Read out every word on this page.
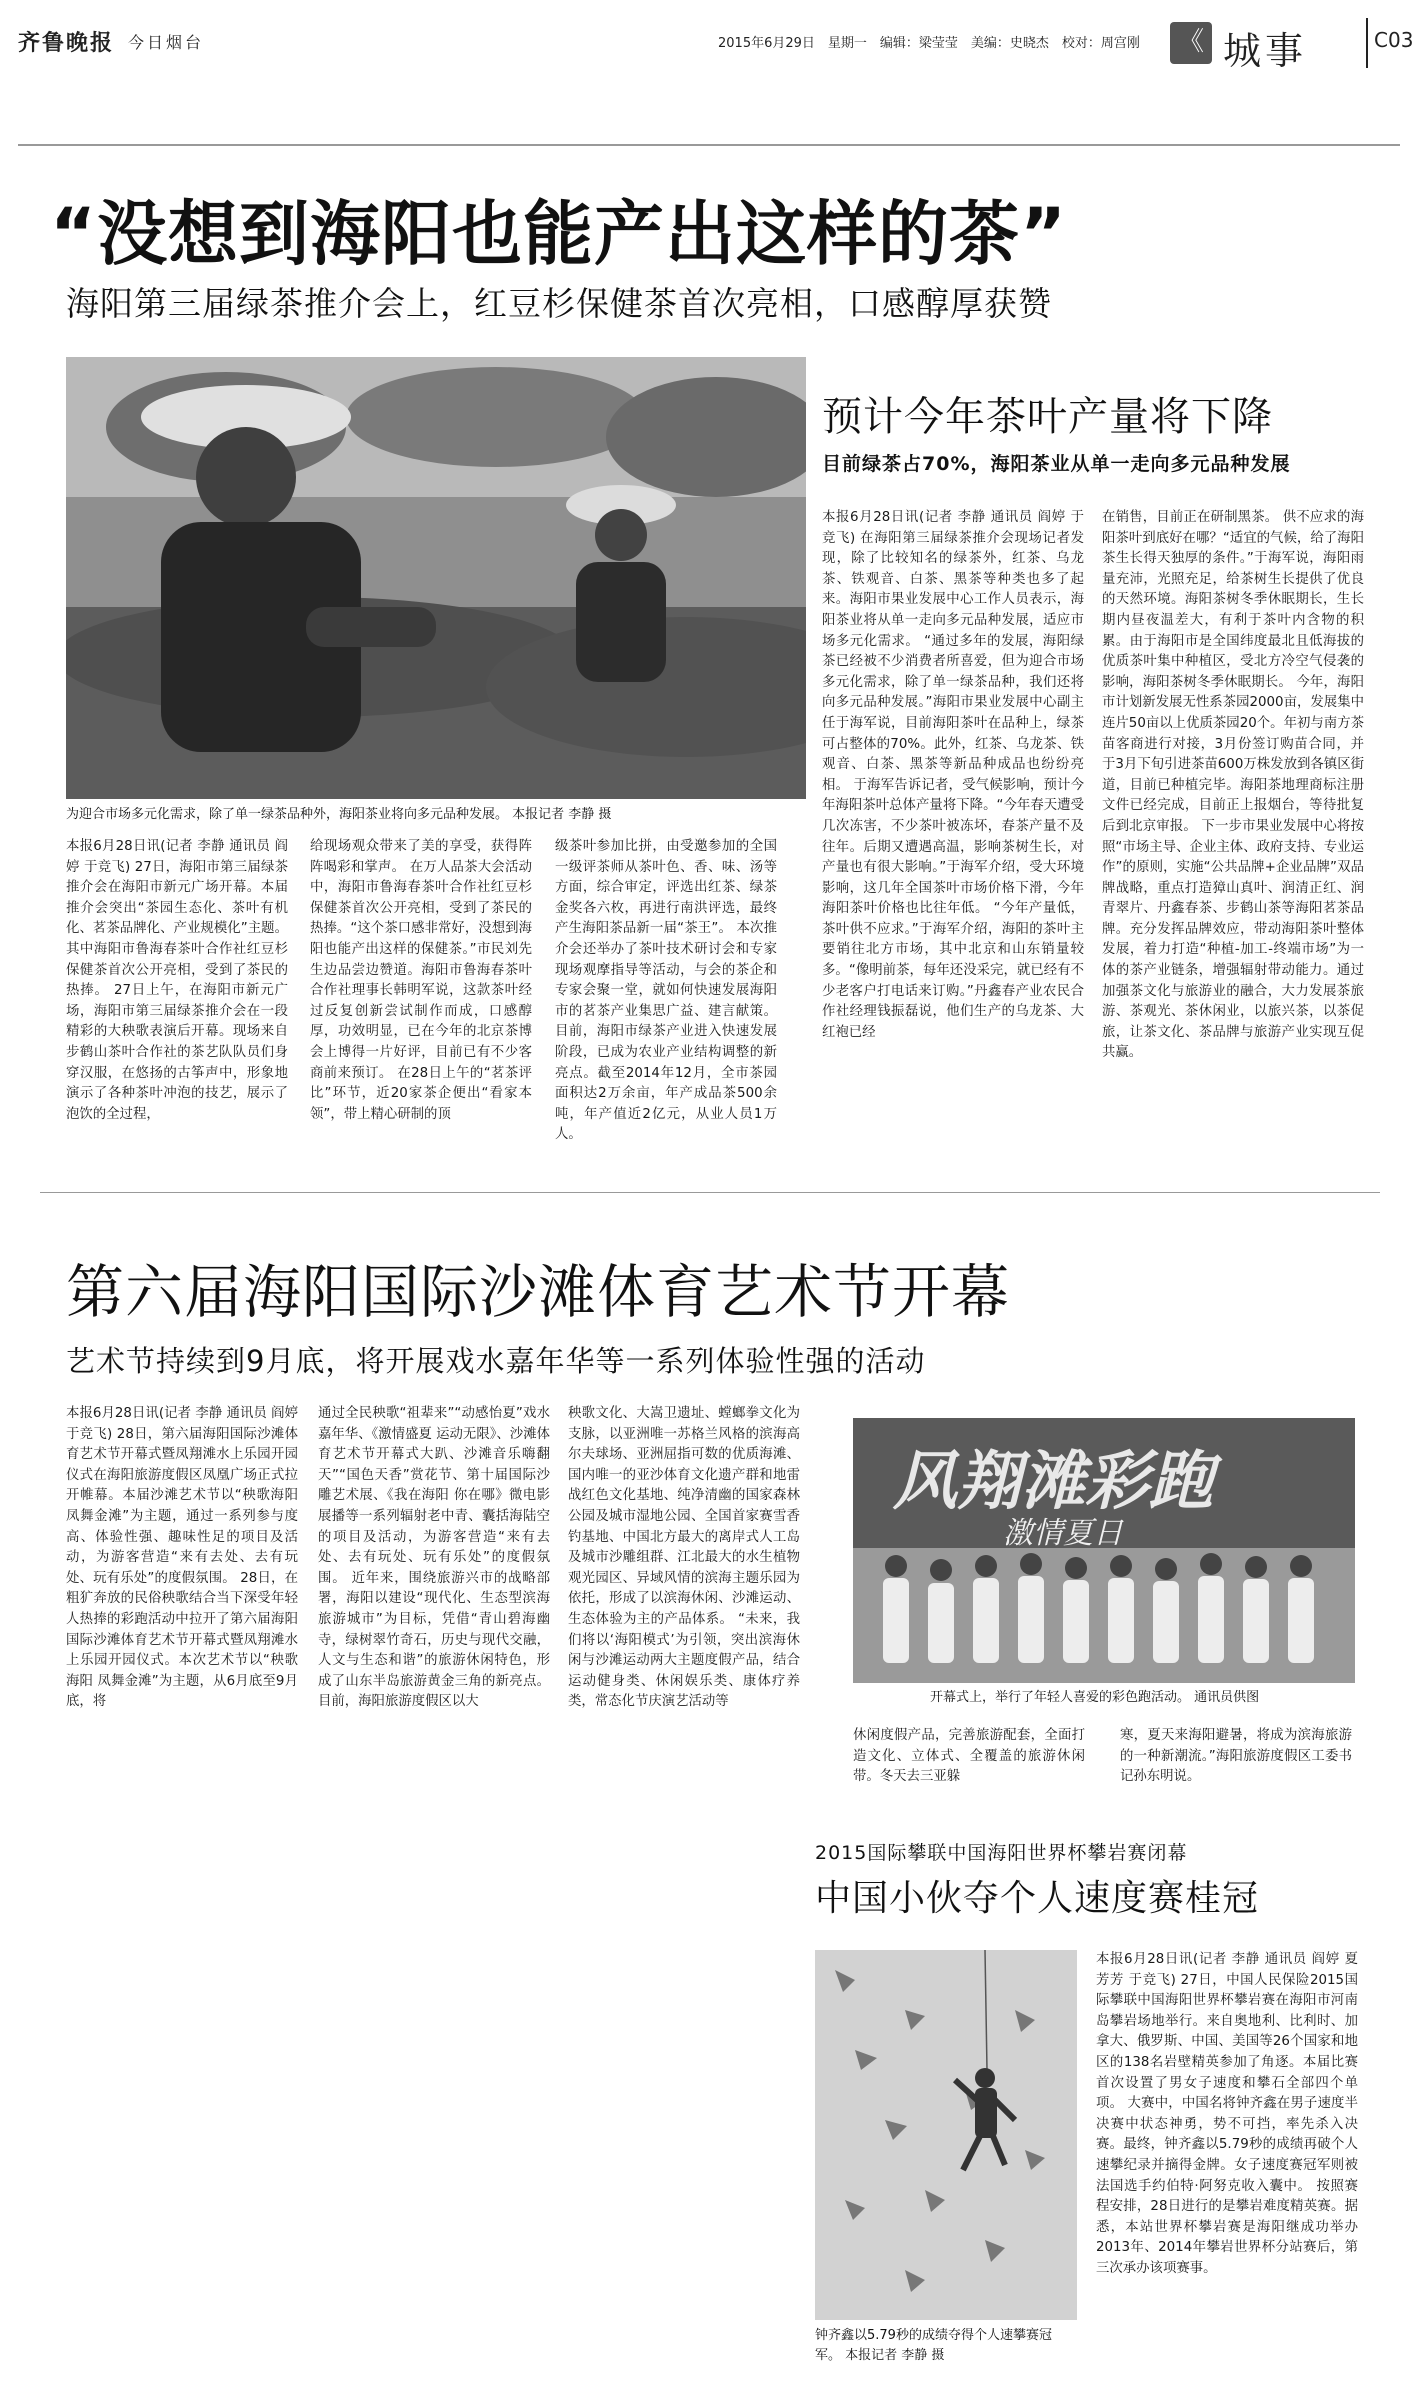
齐鲁晚报 今日烟台	2015年6月29日　星期一　编辑：梁莹莹　美编：史晓杰　校对：周宫刚	《 城事	C03
“没想到海阳也能产出这样的茶”
海阳第三届绿茶推介会上，红豆杉保健茶首次亮相，口感醇厚获赞
为迎合市场多元化需求，除了单一绿茶品种外，海阳茶业将向多元品种发展。 本报记者 李静 摄
本报6月28日讯(记者 李静 通讯员 阎婷 于竞飞) 27日，海阳市第三届绿茶推介会在海阳市新元广场开幕。本届推介会突出“茶园生态化、茶叶有机化、茗茶品牌化、产业规模化”主题。其中海阳市鲁海春茶叶合作社红豆杉保健茶首次公开亮相，受到了茶民的热捧。 27日上午，在海阳市新元广场，海阳市第三届绿茶推介会在一段精彩的大秧歌表演后开幕。现场来自步鹤山茶叶合作社的茶艺队队员们身穿汉服，在悠扬的古筝声中，形象地演示了各种茶叶冲泡的技艺，展示了泡饮的全过程，
给现场观众带来了美的享受，获得阵阵喝彩和掌声。 在万人品茶大会活动中，海阳市鲁海春茶叶合作社红豆杉保健茶首次公开亮相，受到了茶民的热捧。“这个茶口感非常好，没想到海阳也能产出这样的保健茶。”市民刘先生边品尝边赞道。海阳市鲁海春茶叶合作社理事长韩明军说，这款茶叶经过反复创新尝试制作而成，口感醇厚，功效明显，已在今年的北京茶博会上博得一片好评，目前已有不少客商前来预订。 在28日上午的“茗茶评比”环节，近20家茶企便出“看家本领”，带上精心研制的顶
级茶叶参加比拼，由受邀参加的全国一级评茶师从茶叶色、香、味、汤等方面，综合审定，评选出红茶、绿茶金奖各六枚，再进行南洪评选，最终产生海阳茶品新一届“茶王”。 本次推介会还举办了茶叶技术研讨会和专家现场观摩指导等活动，与会的茶企和专家会聚一堂，就如何快速发展海阳市的茗茶产业集思广益、建言献策。目前，海阳市绿茶产业进入快速发展阶段，已成为农业产业结构调整的新亮点。截至2014年12月，全市茶园面积达2万余亩，年产成品茶500余吨，年产值近2亿元，从业人员1万人。
预计今年茶叶产量将下降
目前绿茶占70%，海阳茶业从单一走向多元品种发展
本报6月28日讯(记者 李静 通讯员 阎婷 于竞飞) 在海阳第三届绿茶推介会现场记者发现，除了比较知名的绿茶外，红茶、乌龙茶、铁观音、白茶、黑茶等种类也多了起来。海阳市果业发展中心工作人员表示，海阳茶业将从单一走向多元品种发展，适应市场多元化需求。 “通过多年的发展，海阳绿茶已经被不少消费者所喜爱，但为迎合市场多元化需求，除了单一绿茶品种，我们还将向多元品种发展。”海阳市果业发展中心副主任于海军说，目前海阳茶叶在品种上，绿茶可占整体的70%。此外，红茶、乌龙茶、铁观音、白茶、黑茶等新品种成品也纷纷亮相。 于海军告诉记者，受气候影响，预计今年海阳茶叶总体产量将下降。“今年春天遭受几次冻害，不少茶叶被冻坏，春茶产量不及往年。后期又遭遇高温，影响茶树生长，对产量也有很大影响。”于海军介绍，受大环境影响，这几年全国茶叶市场价格下滑，今年海阳茶叶价格也比往年低。 “今年产量低，茶叶供不应求。”于海军介绍，海阳的茶叶主要销往北方市场，其中北京和山东销量较多。“像明前茶，每年还没采完，就已经有不少老客户打电话来订购。”丹鑫春产业农民合作社经理钱振磊说，他们生产的乌龙茶、大红袍已经
在销售，目前正在研制黑茶。 供不应求的海阳茶叶到底好在哪？“适宜的气候，给了海阳茶生长得天独厚的条件。”于海军说，海阳雨量充沛，光照充足，给茶树生长提供了优良的天然环境。海阳茶树冬季休眠期长，生长期内昼夜温差大，有利于茶叶内含物的积累。由于海阳市是全国纬度最北且低海拔的优质茶叶集中种植区，受北方冷空气侵袭的影响，海阳茶树冬季休眠期长。 今年，海阳市计划新发展无性系茶园2000亩，发展集中连片50亩以上优质茶园20个。年初与南方茶苗客商进行对接，3月份签订购苗合同，并于3月下旬引进茶苗600万株发放到各镇区街道，目前已种植完毕。海阳茶地理商标注册文件已经完成，目前正上报烟台，等待批复后到北京审报。 下一步市果业发展中心将按照“市场主导、企业主体、政府支持、专业运作”的原则，实施“公共品牌+企业品牌”双品牌战略，重点打造獐山真叶、润清正红、润青翠片、丹鑫春茶、步鹤山茶等海阳茗茶品牌。充分发挥品牌效应，带动海阳茶叶整体发展，着力打造“种植-加工-终端市场”为一体的茶产业链条，增强辐射带动能力。通过加强茶文化与旅游业的融合，大力发展茶旅游、茶观光、茶休闲业，以旅兴茶，以茶促旅，让茶文化、茶品牌与旅游产业实现互促共赢。
第六届海阳国际沙滩体育艺术节开幕
艺术节持续到9月底，将开展戏水嘉年华等一系列体验性强的活动
本报6月28日讯(记者 李静 通讯员 阎婷 于竞飞) 28日，第六届海阳国际沙滩体育艺术节开幕式暨凤翔滩水上乐园开园仪式在海阳旅游度假区凤凰广场正式拉开帷幕。本届沙滩艺术节以“秧歌海阳 凤舞金滩”为主题，通过一系列参与度高、体验性强、趣味性足的项目及活动，为游客营造“来有去处、去有玩处、玩有乐处”的度假氛围。 28日，在粗犷奔放的民俗秧歌结合当下深受年轻人热捧的彩跑活动中拉开了第六届海阳国际沙滩体育艺术节开幕式暨凤翔滩水上乐园开园仪式。本次艺术节以“秧歌海阳 凤舞金滩”为主题，从6月底至9月底，将
通过全民秧歌“祖辈来”“动感怡夏”戏水嘉年华、《激情盛夏 运动无限》、沙滩体育艺术节开幕式大趴、沙滩音乐嗨翻天”“国色天香”赏花节、第十届国际沙雕艺术展、《我在海阳 你在哪》微电影展播等一系列辐射老中青、囊括海陆空的项目及活动，为游客营造“来有去处、去有玩处、玩有乐处”的度假氛围。 近年来，围绕旅游兴市的战略部署，海阳以建设“现代化、生态型滨海旅游城市”为目标，凭借“青山碧海幽寺，绿树翠竹奇石，历史与现代交融，人文与生态和谐”的旅游休闲特色，形成了山东半岛旅游黄金三角的新亮点。 目前，海阳旅游度假区以大
秧歌文化、大嵩卫遗址、螳螂拳文化为支脉，以亚洲唯一苏格兰风格的滨海高尔夫球场、亚洲屈指可数的优质海滩、国内唯一的亚沙体育文化遗产群和地雷战红色文化基地、纯净清幽的国家森林公园及城市湿地公园、全国首家赛雪香钓基地、中国北方最大的离岸式人工岛及城市沙雕组群、江北最大的水生植物观光园区、异域风情的滨海主题乐园为依托，形成了以滨海休闲、沙滩运动、生态体验为主的产品体系。 “未来，我们将以‘海阳模式’为引领，突出滨海休闲与沙滩运动两大主题度假产品，结合运动健身类、休闲娱乐类、康体疗养类，常态化节庆演艺活动等
风翔滩彩跑
激情夏日
开幕式上，举行了年轻人喜爱的彩色跑活动。 通讯员供图
休闲度假产品，完善旅游配套，全面打造文化、立体式、全覆盖的旅游休闲带。冬天去三亚躲
寒，夏天来海阳避暑，将成为滨海旅游的一种新潮流。”海阳旅游度假区工委书记孙东明说。
2015国际攀联中国海阳世界杯攀岩赛闭幕
中国小伙夺个人速度赛桂冠
钟齐鑫以5.79秒的成绩夺得个人速攀赛冠军。 本报记者 李静 摄
本报6月28日讯(记者 李静 通讯员 阎婷 夏芳芳 于竞飞) 27日，中国人民保险2015国际攀联中国海阳世界杯攀岩赛在海阳市河南岛攀岩场地举行。来自奥地利、比利时、加拿大、俄罗斯、中国、美国等26个国家和地区的138名岩壁精英参加了角逐。本届比赛首次设置了男女子速度和攀石全部四个单项。 大赛中，中国名将钟齐鑫在男子速度半决赛中状态神勇，势不可挡，率先杀入决赛。最终，钟齐鑫以5.79秒的成绩再破个人速攀纪录并摘得金牌。女子速度赛冠军则被法国选手约伯特·阿努克收入囊中。 按照赛程安排，28日进行的是攀岩难度精英赛。据悉，本站世界杯攀岩赛是海阳继成功举办2013年、2014年攀岩世界杯分站赛后，第三次承办该项赛事。
